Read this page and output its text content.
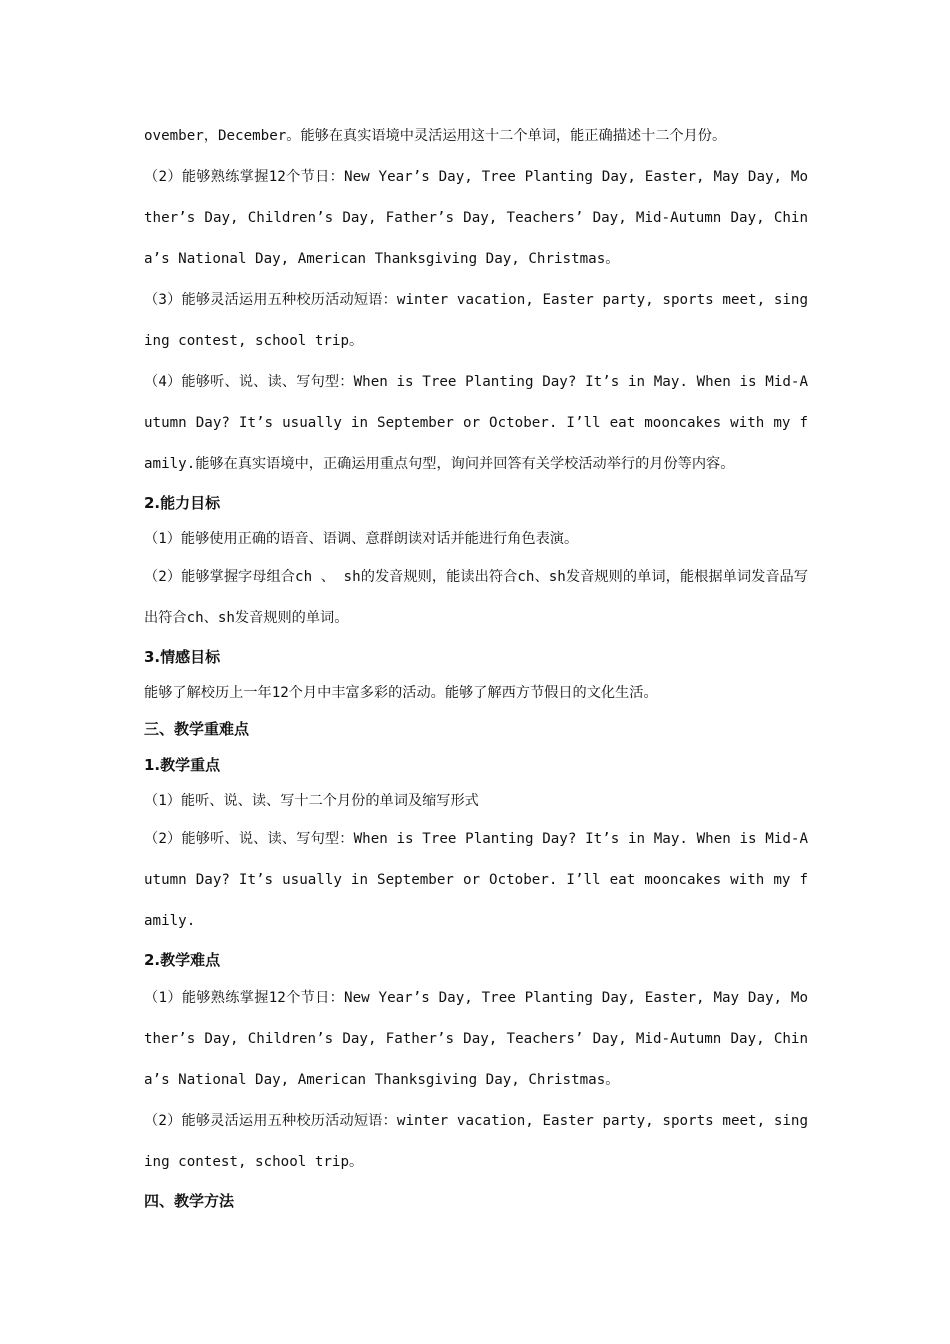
ovember，December。能够在真实语境中灵活运用这十二个单词，能正确描述十二个月份。

（2）能够熟练掌握12个节日：New Year’s Day, Tree Planting Day, Easter, May Day, Mother’s Day, Children’s Day, Father’s Day, Teachers’ Day, Mid-Autumn Day, China’s National Day, American Thanksgiving Day, Christmas。

（3）能够灵活运用五种校历活动短语：winter vacation, Easter party, sports meet, singing contest, school trip。

（4）能够听、说、读、写句型：When is Tree Planting Day? It’s in May. When is Mid-Autumn Day? It’s usually in September or October. I’ll eat mooncakes with my family.能够在真实语境中，正确运用重点句型，询问并回答有关学校活动举行的月份等内容。

2.能力目标

（1）能够使用正确的语音、语调、意群朗读对话并能进行角色表演。

（2）能够掌握字母组合ch 、 sh的发音规则，能读出符合ch、sh发音规则的单词，能根据单词发音品写出符合ch、sh发音规则的单词。

3.情感目标

能够了解校历上一年12个月中丰富多彩的活动。能够了解西方节假日的文化生活。

三、教学重难点

1.教学重点

（1）能听、说、读、写十二个月份的单词及缩写形式

（2）能够听、说、读、写句型：When is Tree Planting Day? It’s in May. When is Mid-Autumn Day? It’s usually in September or October. I’ll eat mooncakes with my family.

2.教学难点

（1）能够熟练掌握12个节日：New Year’s Day, Tree Planting Day, Easter, May Day, Mother’s Day, Children’s Day, Father’s Day, Teachers’ Day, Mid-Autumn Day, China’s National Day, American Thanksgiving Day, Christmas。

（2）能够灵活运用五种校历活动短语：winter vacation, Easter party, sports meet, singing contest, school trip。

四、教学方法
